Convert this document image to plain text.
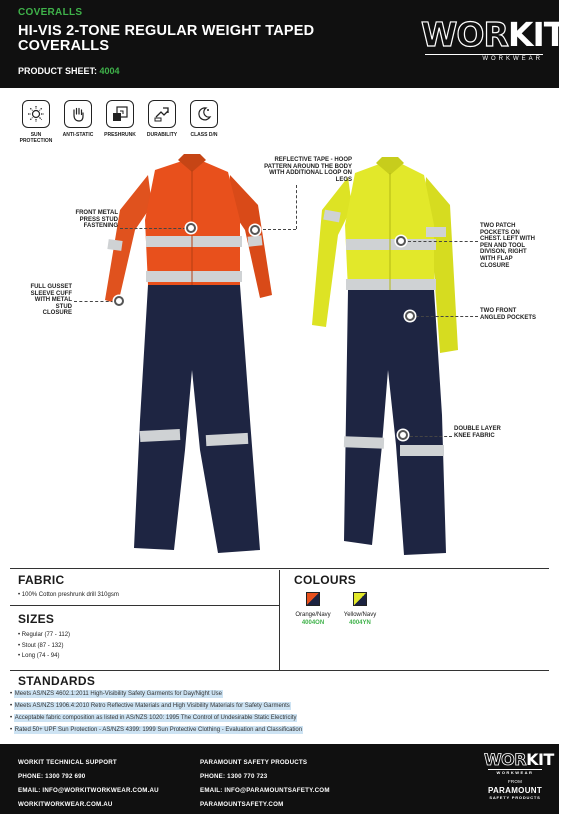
COVERALLS
HI-VIS 2-TONE REGULAR WEIGHT TAPED COVERALLS
PRODUCT SHEET: 4004
WORKIT
WORKWEAR
SUN PROTECTION
ANTI-STATIC	PRESHRUNK	DURABILITY	CLASS D/N
FRONT METAL PRESS STUD FASTENING
FULL GUSSET SLEEVE CUFF WITH METAL STUD CLOSURE
REFLECTIVE TAPE - HOOP PATTERN AROUND THE BODY WITH ADDITIONAL LOOP ON LEGS
TWO PATCH POCKETS ON CHEST. LEFT WITH PEN AND TOOL DIVISON, RIGHT WITH FLAP CLOSURE
TWO FRONT ANGLED POCKETS
DOUBLE LAYER KNEE FABRIC
FABRIC
• 100% Cotton preshrunk drill 310gsm
SIZES
• Regular (77 - 112)
• Stout (87 - 132)
• Long (74 - 94)
COLOURS
Orange/Navy
4004ON
Yellow/Navy
4004YN
STANDARDS
• Meets AS/NZS 4602.1:2011 High-Visibility Safety Garments for Day/Night Use
• Meets AS/NZS 1906.4:2010 Retro Reflective Materials and High Visibility Materials for Safety Garments
• Acceptable fabric composition as listed in AS/NZS 1020: 1995 The Control of Undesirable Static Electricity
• Rated 50+ UPF Sun Protection - AS/NZS 4399: 1999 Sun Protective Clothing - Evaluation and Classification
WORKIT TECHNICAL SUPPORT
PHONE: 1300 792 690
EMAIL: INFO@WORKITWORKWEAR.COM.AU
WORKITWORKWEAR.COM.AU
PARAMOUNT SAFETY PRODUCTS
PHONE: 1300 770 723
EMAIL: INFO@PARAMOUNTSAFETY.COM
PARAMOUNTSAFETY.COM
WORKIT
WORKWEAR
FROM
PARAMOUNT
SAFETY PRODUCTS
